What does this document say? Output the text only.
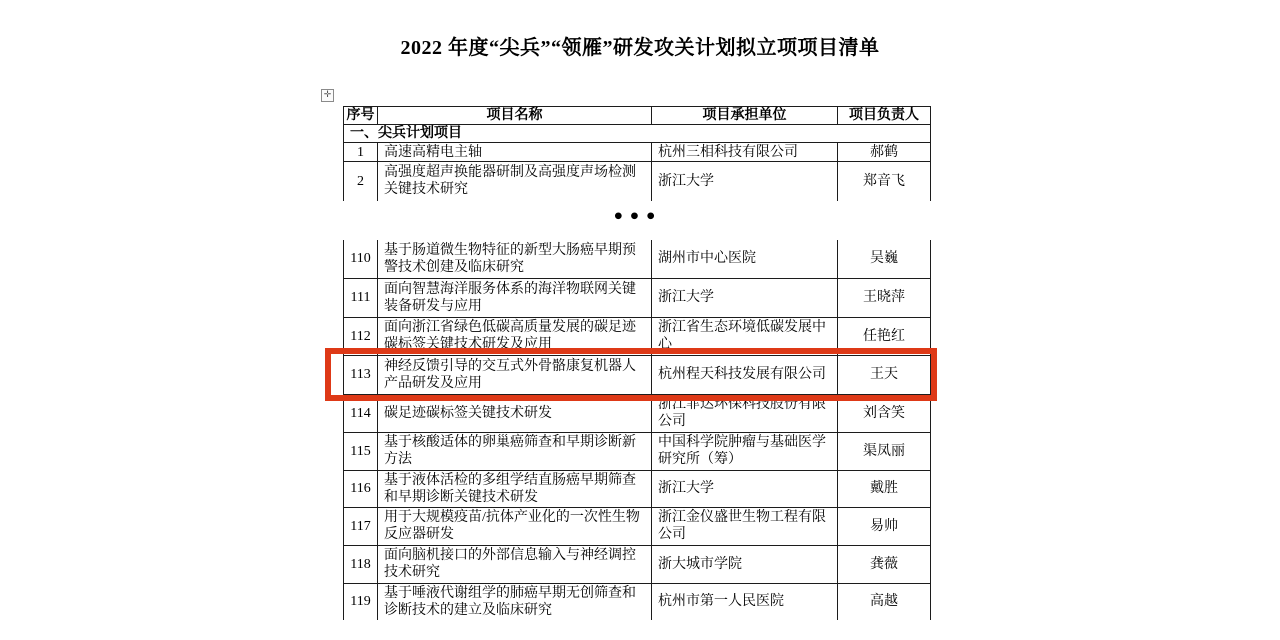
2022 年度“尖兵”“领雁”研发攻关计划拟立项项目清单
✛
序号	项目名称	项目承担单位	项目负责人
一、尖兵计划项目			
1	高速高精电主轴	杭州三相科技有限公司	郝鹤
2	高强度超声换能器研制及高强度声场检测关键技术研究	浙江大学	郑音飞
•••
110	基于肠道微生物特征的新型大肠癌早期预警技术创建及临床研究	湖州市中心医院	吴巍
111	面向智慧海洋服务体系的海洋物联网关键装备研发与应用	浙江大学	王晓萍
112	面向浙江省绿色低碳高质量发展的碳足迹碳标签关键技术研发及应用	浙江省生态环境低碳发展中心	任艳红
113	神经反馈引导的交互式外骨骼康复机器人产品研发及应用	杭州程天科技发展有限公司	王天
114	碳足迹碳标签关键技术研发	浙江菲达环保科技股份有限公司	刘含笑
115	基于核酸适体的卵巢癌筛查和早期诊断新方法	中国科学院肿瘤与基础医学研究所（筹）	渠凤丽
116	基于液体活检的多组学结直肠癌早期筛查和早期诊断关键技术研发	浙江大学	戴胜
117	用于大规模疫苗/抗体产业化的一次性生物反应器研发	浙江金仪盛世生物工程有限公司	易帅
118	面向脑机接口的外部信息输入与神经调控技术研究	浙大城市学院	龚薇
119	基于唾液代谢组学的肺癌早期无创筛查和诊断技术的建立及临床研究	杭州市第一人民医院	高越
